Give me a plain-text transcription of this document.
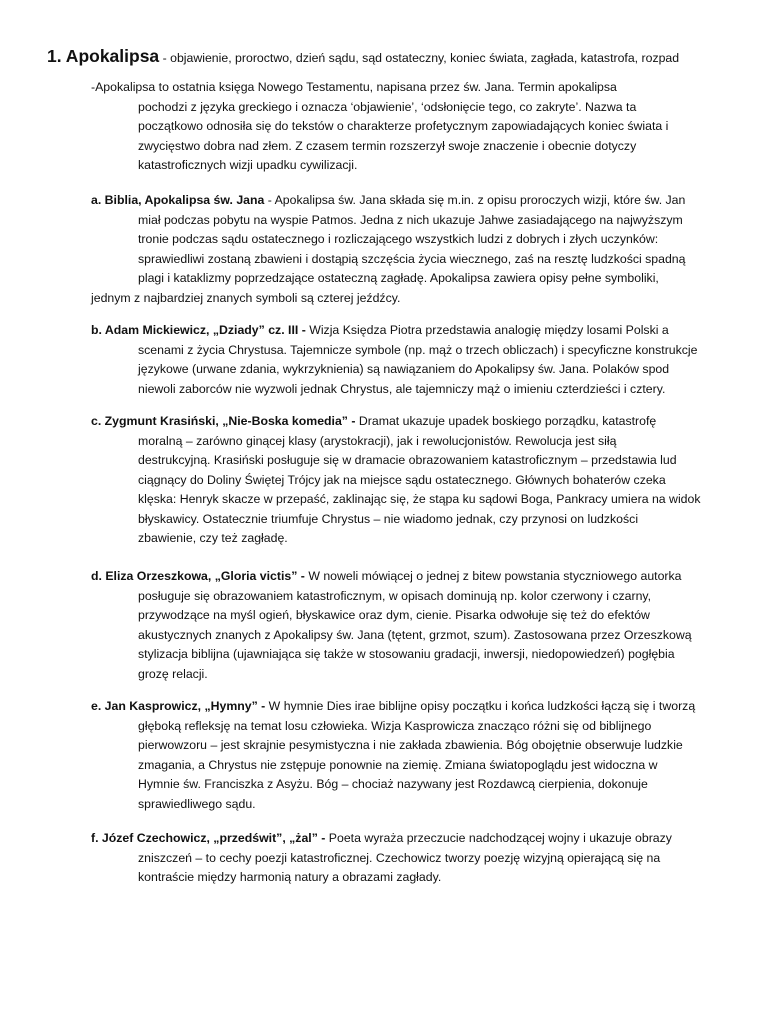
1. Apokalipsa - objawienie, proroctwo, dzień sądu, sąd ostateczny, koniec świata, zagłada, katastrofa, rozpad
-Apokalipsa to ostatnia księga Nowego Testamentu, napisana przez św. Jana. Termin apokalipsa
pochodzi z języka greckiego i oznacza ‘objawienie’, ‘odsłonięcie tego, co zakryte’. Nazwa ta
początkowo odnosiła się do tekstów o charakterze profetycznym zapowiadających koniec świata i
zwycięstwo dobra nad złem. Z czasem termin rozszerzył swoje znaczenie i obecnie dotyczy
katastroficznych wizji upadku cywilizacji.
a. Biblia, Apokalipsa św. Jana - Apokalipsa św. Jana składa się m.in. z opisu proroczych wizji, które św. Jan
miał podczas pobytu na wyspie Patmos. Jedna z nich ukazuje Jahwe zasiadającego na najwyższym
tronie podczas sądu ostatecznego i rozliczającego wszystkich ludzi z dobrych i złych uczynków:
sprawiedliwi zostaną zbawieni i dostąpią szczęścia życia wiecznego, zaś na resztę ludzkości spadną
plagi i kataklizmy poprzedzające ostateczną zagładę. Apokalipsa zawiera opisy pełne symboliki,
jednym z najbardziej znanych symboli są czterej jeźdźcy.
b. Adam Mickiewicz, „Dziady” cz. III - Wizja Księdza Piotra przedstawia analogię między losami Polski a
scenami z życia Chrystusa. Tajemnicze symbole (np. mąż o trzech obliczach) i specyficzne konstrukcje
językowe (urwane zdania, wykrzyknienia) są nawiązaniem do Apokalipsy św. Jana. Polaków spod
niewoli zaborców nie wyzwoli jednak Chrystus, ale tajemniczy mąż o imieniu czterdzieści i cztery.
c. Zygmunt Krasiński, „Nie-Boska komedia” - Dramat ukazuje upadek boskiego porządku, katastrofę
moralną – zarówno ginącej klasy (arystokracji), jak i rewolucjonistów. Rewolucja jest siłą
destrukcyjną. Krasiński posługuje się w dramacie obrazowaniem katastroficznym – przedstawia lud
ciągnący do Doliny Świętej Trójcy jak na miejsce sądu ostatecznego. Głównych bohaterów czeka
klęska: Henryk skacze w przepaść, zaklinając się, że stąpa ku sądowi Boga, Pankracy umiera na widok
błyskawicy. Ostatecznie triumfuje Chrystus – nie wiadomo jednak, czy przynosi on ludzkości
zbawienie, czy też zagładę.
d. Eliza Orzeszkowa, „Gloria victis” - W noweli mówiącej o jednej z bitew powstania styczniowego autorka
posługuje się obrazowaniem katastroficznym, w opisach dominują np. kolor czerwony i czarny,
przywodzące na myśl ogień, błyskawice oraz dym, cienie. Pisarka odwołuje się też do efektów
akustycznych znanych z Apokalipsy św. Jana (tętent, grzmot, szum). Zastosowana przez Orzeszkową
stylizacja biblijna (ujawniająca się także w stosowaniu gradacji, inwersji, niedopowiedzeń) pogłębia
grozę relacji.
e. Jan Kasprowicz, „Hymny” - W hymnie Dies irae biblijne opisy początku i końca ludzkości łączą się i tworzą
głęboką refleksję na temat losu człowieka. Wizja Kasprowicza znacząco różni się od biblijnego
pierwowzoru – jest skrajnie pesymistyczna i nie zakłada zbawienia. Bóg obojętnie obserwuje ludzkie
zmagania, a Chrystus nie zstępuje ponownie na ziemię. Zmiana światopoglądu jest widoczna w
Hymnie św. Franciszka z Asyżu. Bóg – chociaż nazywany jest Rozdawcą cierpienia, dokonuje
sprawiedliwego sądu.
f. Józef Czechowicz, „przedświt”, „żal” - Poeta wyraża przeczucie nadchodzącej wojny i ukazuje obrazy
zniszczeń – to cechy poezji katastroficznej. Czechowicz tworzy poezję wizyjną opierającą się na
kontraście między harmonią natury a obrazami zagłady.
